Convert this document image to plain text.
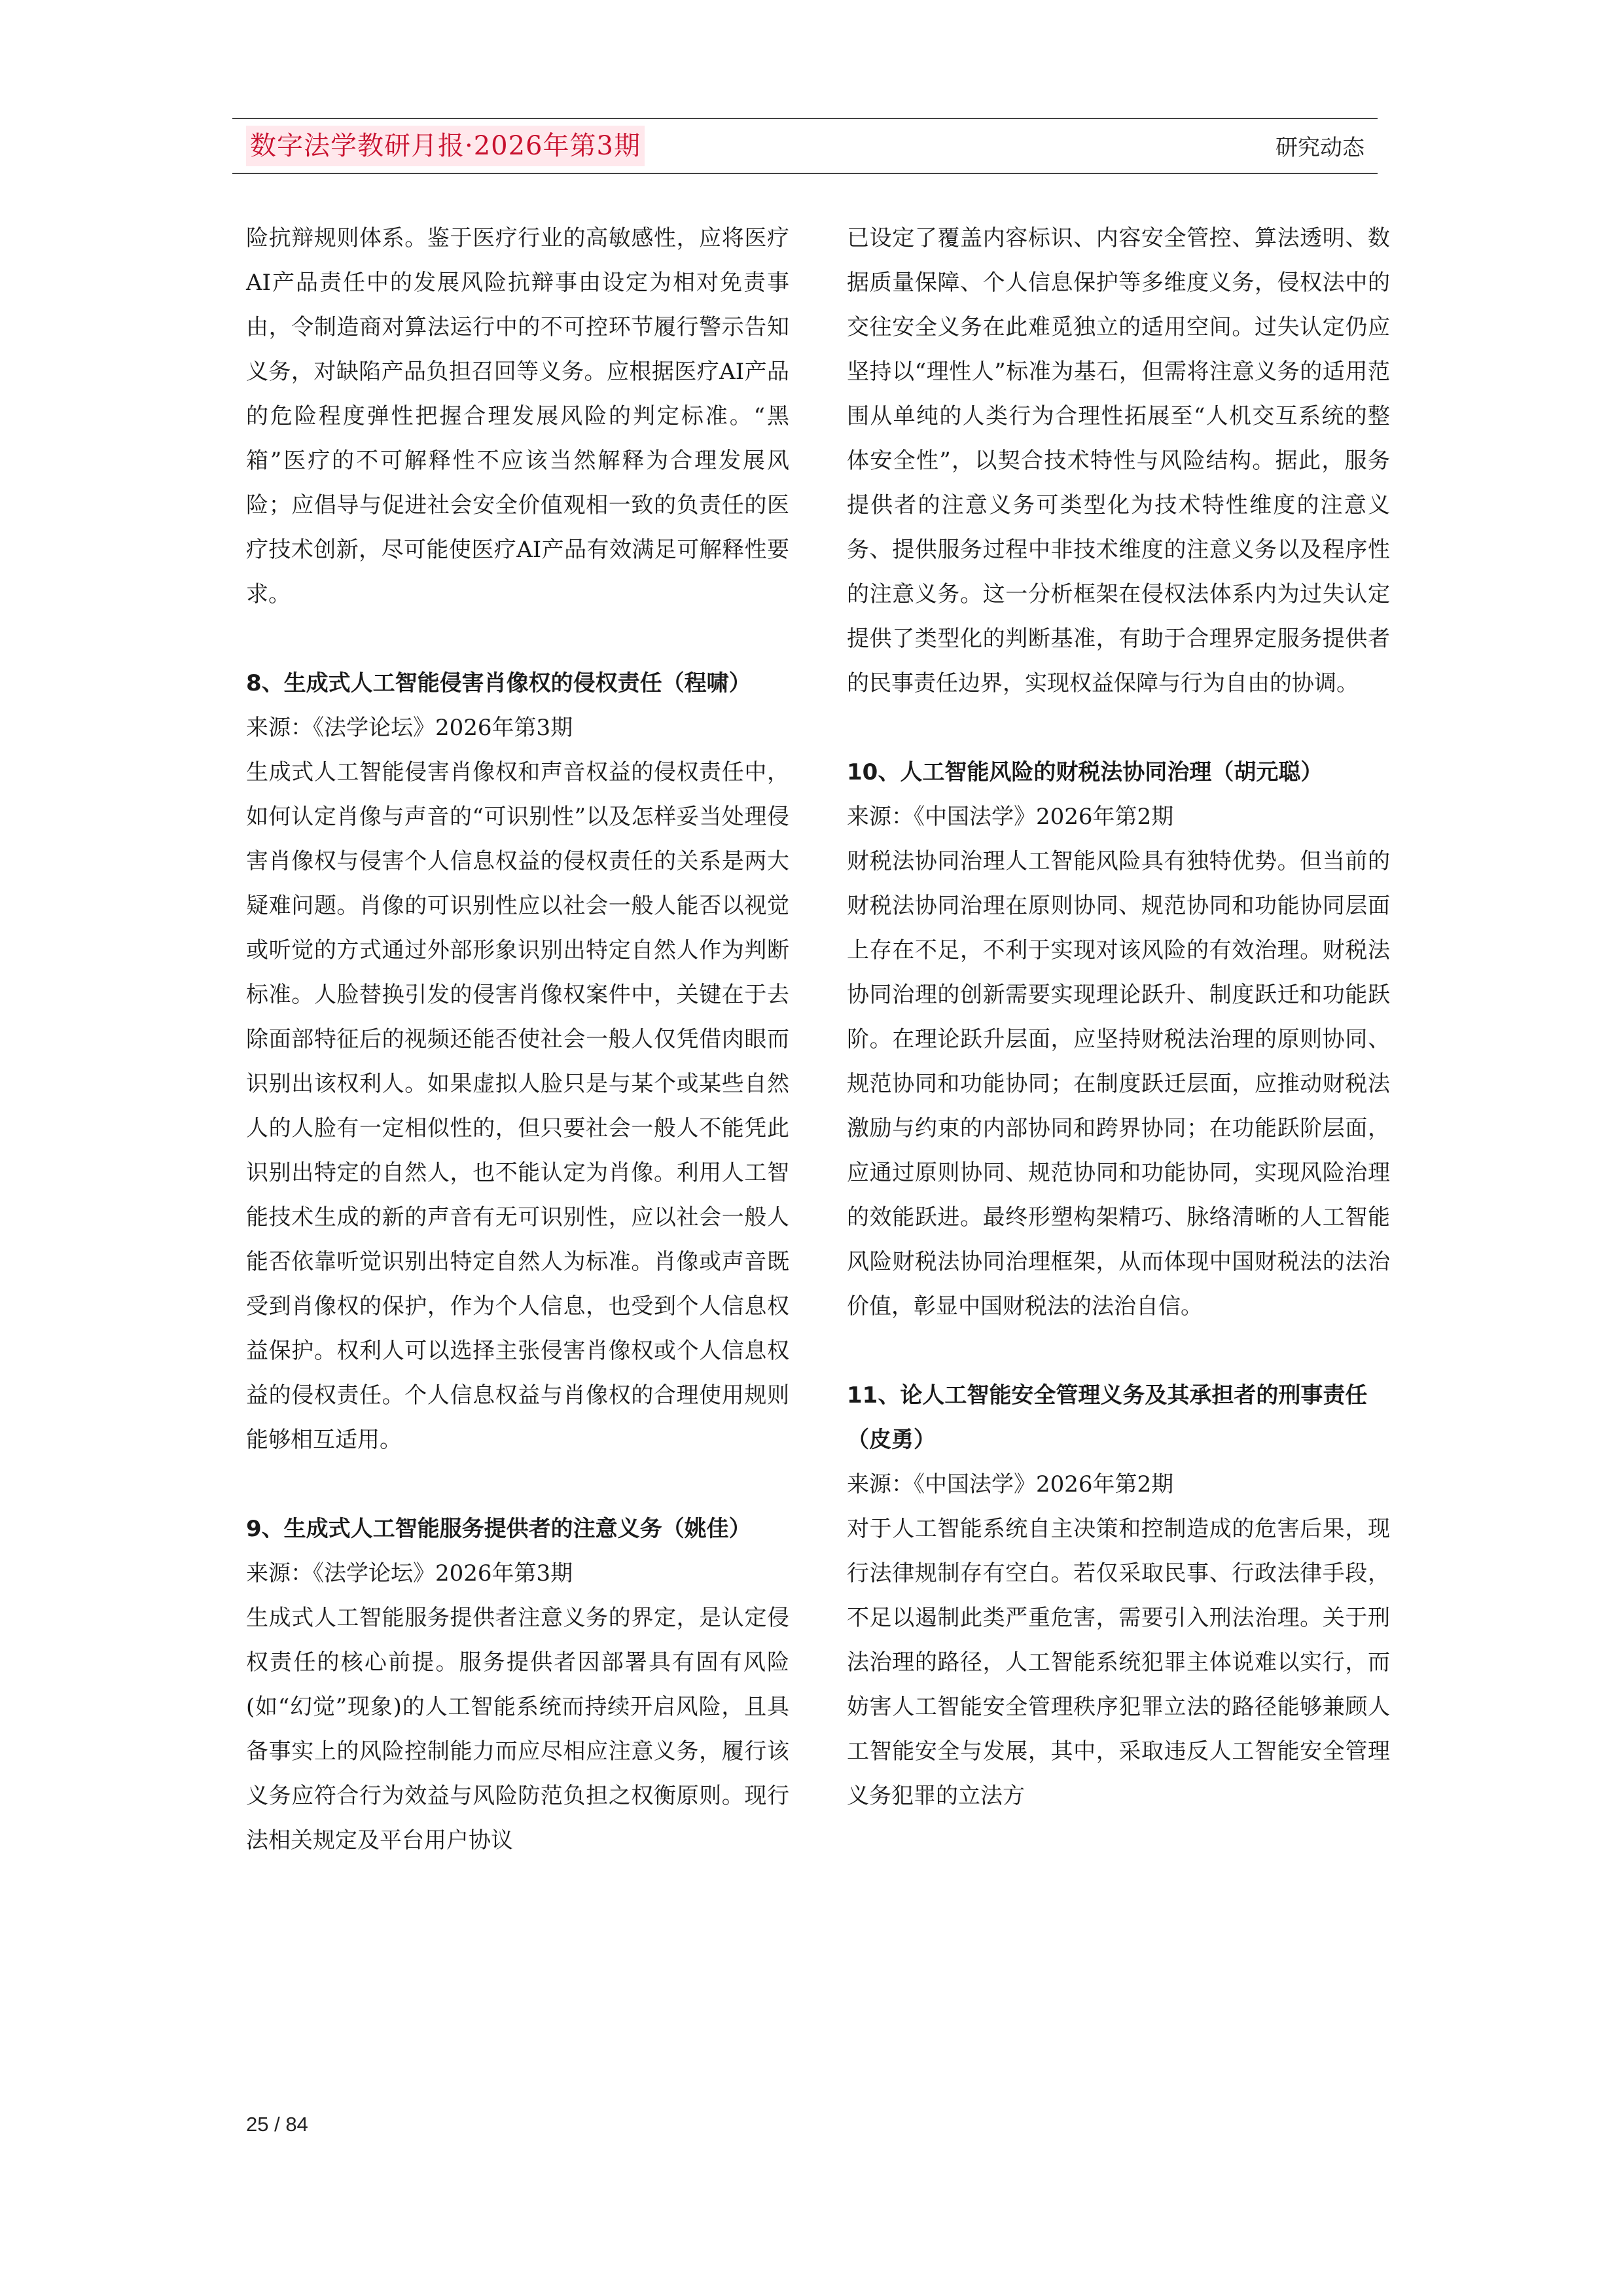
数字法学教研月报·2026年第3期	研究动态

险抗辩规则体系。鉴于医疗行业的高敏感性，应将医疗AI产品责任中的发展风险抗辩事由设定为相对免责事由，令制造商对算法运行中的不可控环节履行警示告知义务，对缺陷产品负担召回等义务。应根据医疗AI产品的危险程度弹性把握合理发展风险的判定标准。“黑箱”医疗的不可解释性不应该当然解释为合理发展风险；应倡导与促进社会安全价值观相一致的负责任的医疗技术创新，尽可能使医疗AI产品有效满足可解释性要求。

8、生成式人工智能侵害肖像权的侵权责任（程啸）

来源：《法学论坛》2026年第3期

生成式人工智能侵害肖像权和声音权益的侵权责任中，如何认定肖像与声音的“可识别性”以及怎样妥当处理侵害肖像权与侵害个人信息权益的侵权责任的关系是两大疑难问题。肖像的可识别性应以社会一般人能否以视觉或听觉的方式通过外部形象识别出特定自然人作为判断标准。人脸替换引发的侵害肖像权案件中，关键在于去除面部特征后的视频还能否使社会一般人仅凭借肉眼而识别出该权利人。如果虚拟人脸只是与某个或某些自然人的人脸有一定相似性的，但只要社会一般人不能凭此识别出特定的自然人，也不能认定为肖像。利用人工智能技术生成的新的声音有无可识别性，应以社会一般人能否依靠听觉识别出特定自然人为标准。肖像或声音既受到肖像权的保护，作为个人信息，也受到个人信息权益保护。权利人可以选择主张侵害肖像权或个人信息权益的侵权责任。个人信息权益与肖像权的合理使用规则能够相互适用。

9、生成式人工智能服务提供者的注意义务（姚佳）

来源：《法学论坛》2026年第3期

生成式人工智能服务提供者注意义务的界定，是认定侵权责任的核心前提。服务提供者因部署具有固有风险(如“幻觉”现象)的人工智能系统而持续开启风险，且具备事实上的风险控制能力而应尽相应注意义务，履行该义务应符合行为效益与风险防范负担之权衡原则。现行法相关规定及平台用户协议

已设定了覆盖内容标识、内容安全管控、算法透明、数据质量保障、个人信息保护等多维度义务，侵权法中的交往安全义务在此难觅独立的适用空间。过失认定仍应坚持以“理性人”标准为基石，但需将注意义务的适用范围从单纯的人类行为合理性拓展至“人机交互系统的整体安全性”，以契合技术特性与风险结构。据此，服务提供者的注意义务可类型化为技术特性维度的注意义务、提供服务过程中非技术维度的注意义务以及程序性的注意义务。这一分析框架在侵权法体系内为过失认定提供了类型化的判断基准，有助于合理界定服务提供者的民事责任边界，实现权益保障与行为自由的协调。

10、人工智能风险的财税法协同治理（胡元聪）

来源：《中国法学》2026年第2期

财税法协同治理人工智能风险具有独特优势。但当前的财税法协同治理在原则协同、规范协同和功能协同层面上存在不足，不利于实现对该风险的有效治理。财税法协同治理的创新需要实现理论跃升、制度跃迁和功能跃阶。在理论跃升层面，应坚持财税法治理的原则协同、规范协同和功能协同；在制度跃迁层面，应推动财税法激励与约束的内部协同和跨界协同；在功能跃阶层面，应通过原则协同、规范协同和功能协同，实现风险治理的效能跃进。最终形塑构架精巧、脉络清晰的人工智能风险财税法协同治理框架，从而体现中国财税法的法治价值，彰显中国财税法的法治自信。

11、论人工智能安全管理义务及其承担者的刑事责任（皮勇）

来源：《中国法学》2026年第2期

对于人工智能系统自主决策和控制造成的危害后果，现行法律规制存有空白。若仅采取民事、行政法律手段，不足以遏制此类严重危害，需要引入刑法治理。关于刑法治理的路径，人工智能系统犯罪主体说难以实行，而妨害人工智能安全管理秩序犯罪立法的路径能够兼顾人工智能安全与发展，其中，采取违反人工智能安全管理义务犯罪的立法方

25 / 84
